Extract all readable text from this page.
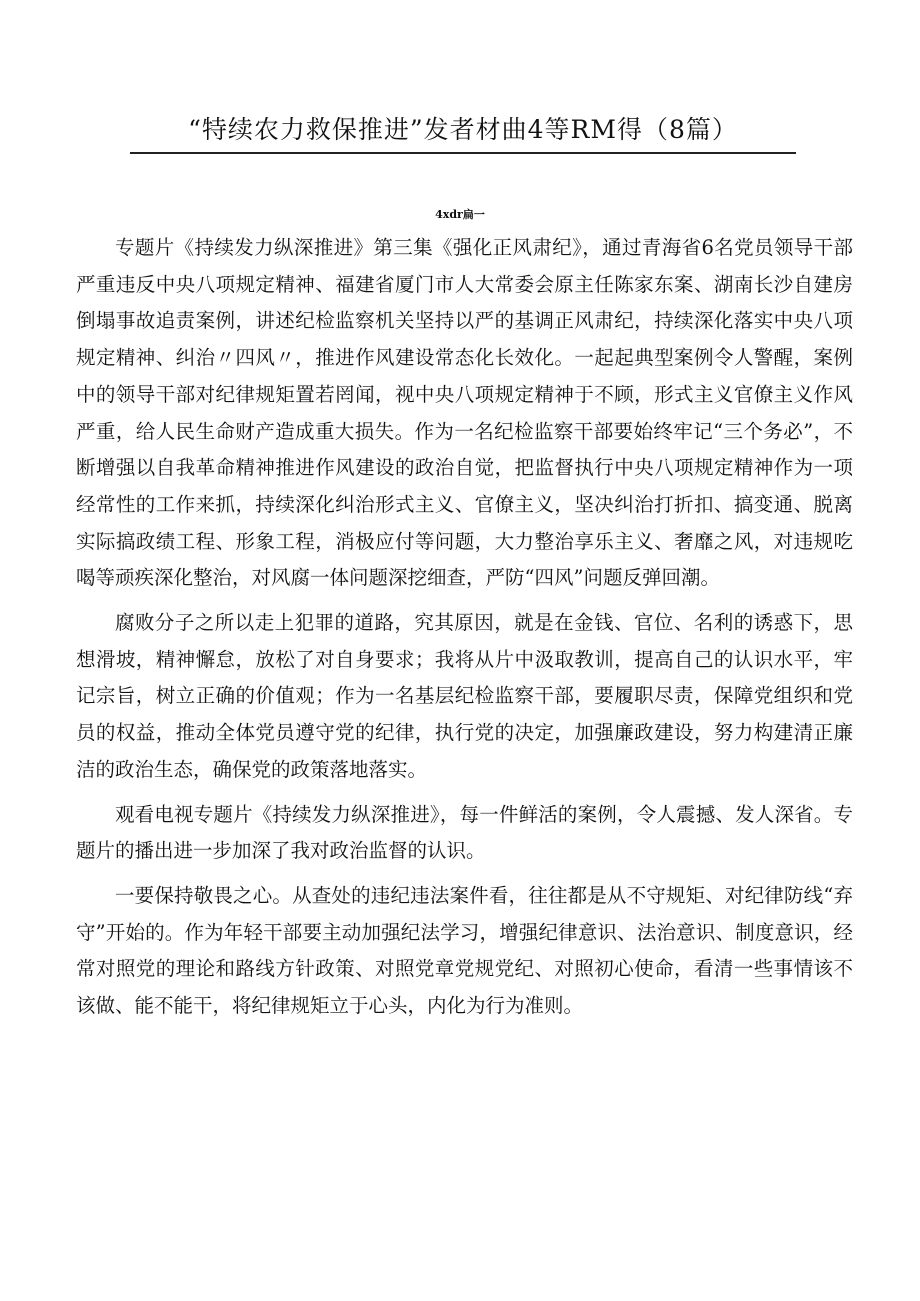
“特续农力救保推进”发者材曲4等RM得（8篇）
4xdr扁一

专题片《持续发力纵深推进》第三集《强化正风肃纪》，通过青海省6名党员领导干部严重违反中央八项规定精神、福建省厦门市人大常委会原主任陈家东案、湖南长沙自建房倒塌事故追责案例，讲述纪检监察机关坚持以严的基调正风肃纪，持续深化落实中央八项规定精神、纠治〃四风〃，推进作风建设常态化长效化。一起起典型案例令人警醒，案例中的领导干部对纪律规矩置若罔闻，视中央八项规定精神于不顾，形式主义官僚主义作风严重，给人民生命财产造成重大损失。作为一名纪检监察干部要始终牢记“三个务必”，不断增强以自我革命精神推进作风建设的政治自觉，把监督执行中央八项规定精神作为一项经常性的工作来抓，持续深化纠治形式主义、官僚主义，坚决纠治打折扣、搞变通、脱离实际搞政绩工程、形象工程，消极应付等问题，大力整治享乐主义、奢靡之风，对违规吃喝等顽疾深化整治，对风腐一体问题深挖细查，严防“四风”问题反弹回潮。

腐败分子之所以走上犯罪的道路，究其原因，就是在金钱、官位、名利的诱惑下，思想滑坡，精神懈怠，放松了对自身要求；我将从片中汲取教训，提高自己的认识水平，牢记宗旨，树立正确的价值观；作为一名基层纪检监察干部，要履职尽责，保障党组织和党员的权益，推动全体党员遵守党的纪律，执行党的决定，加强廉政建设，努力构建清正廉洁的政治生态，确保党的政策落地落实。

观看电视专题片《持续发力纵深推进》，每一件鲜活的案例，令人震撼、发人深省。专题片的播出进一步加深了我对政治监督的认识。

一要保持敬畏之心。从查处的违纪违法案件看，往往都是从不守规矩、对纪律防线“弃守”开始的。作为年轻干部要主动加强纪法学习，增强纪律意识、法治意识、制度意识，经常对照党的理论和路线方针政策、对照党章党规党纪、对照初心使命，看清一些事情该不该做、能不能干，将纪律规矩立于心头，内化为行为准则。
